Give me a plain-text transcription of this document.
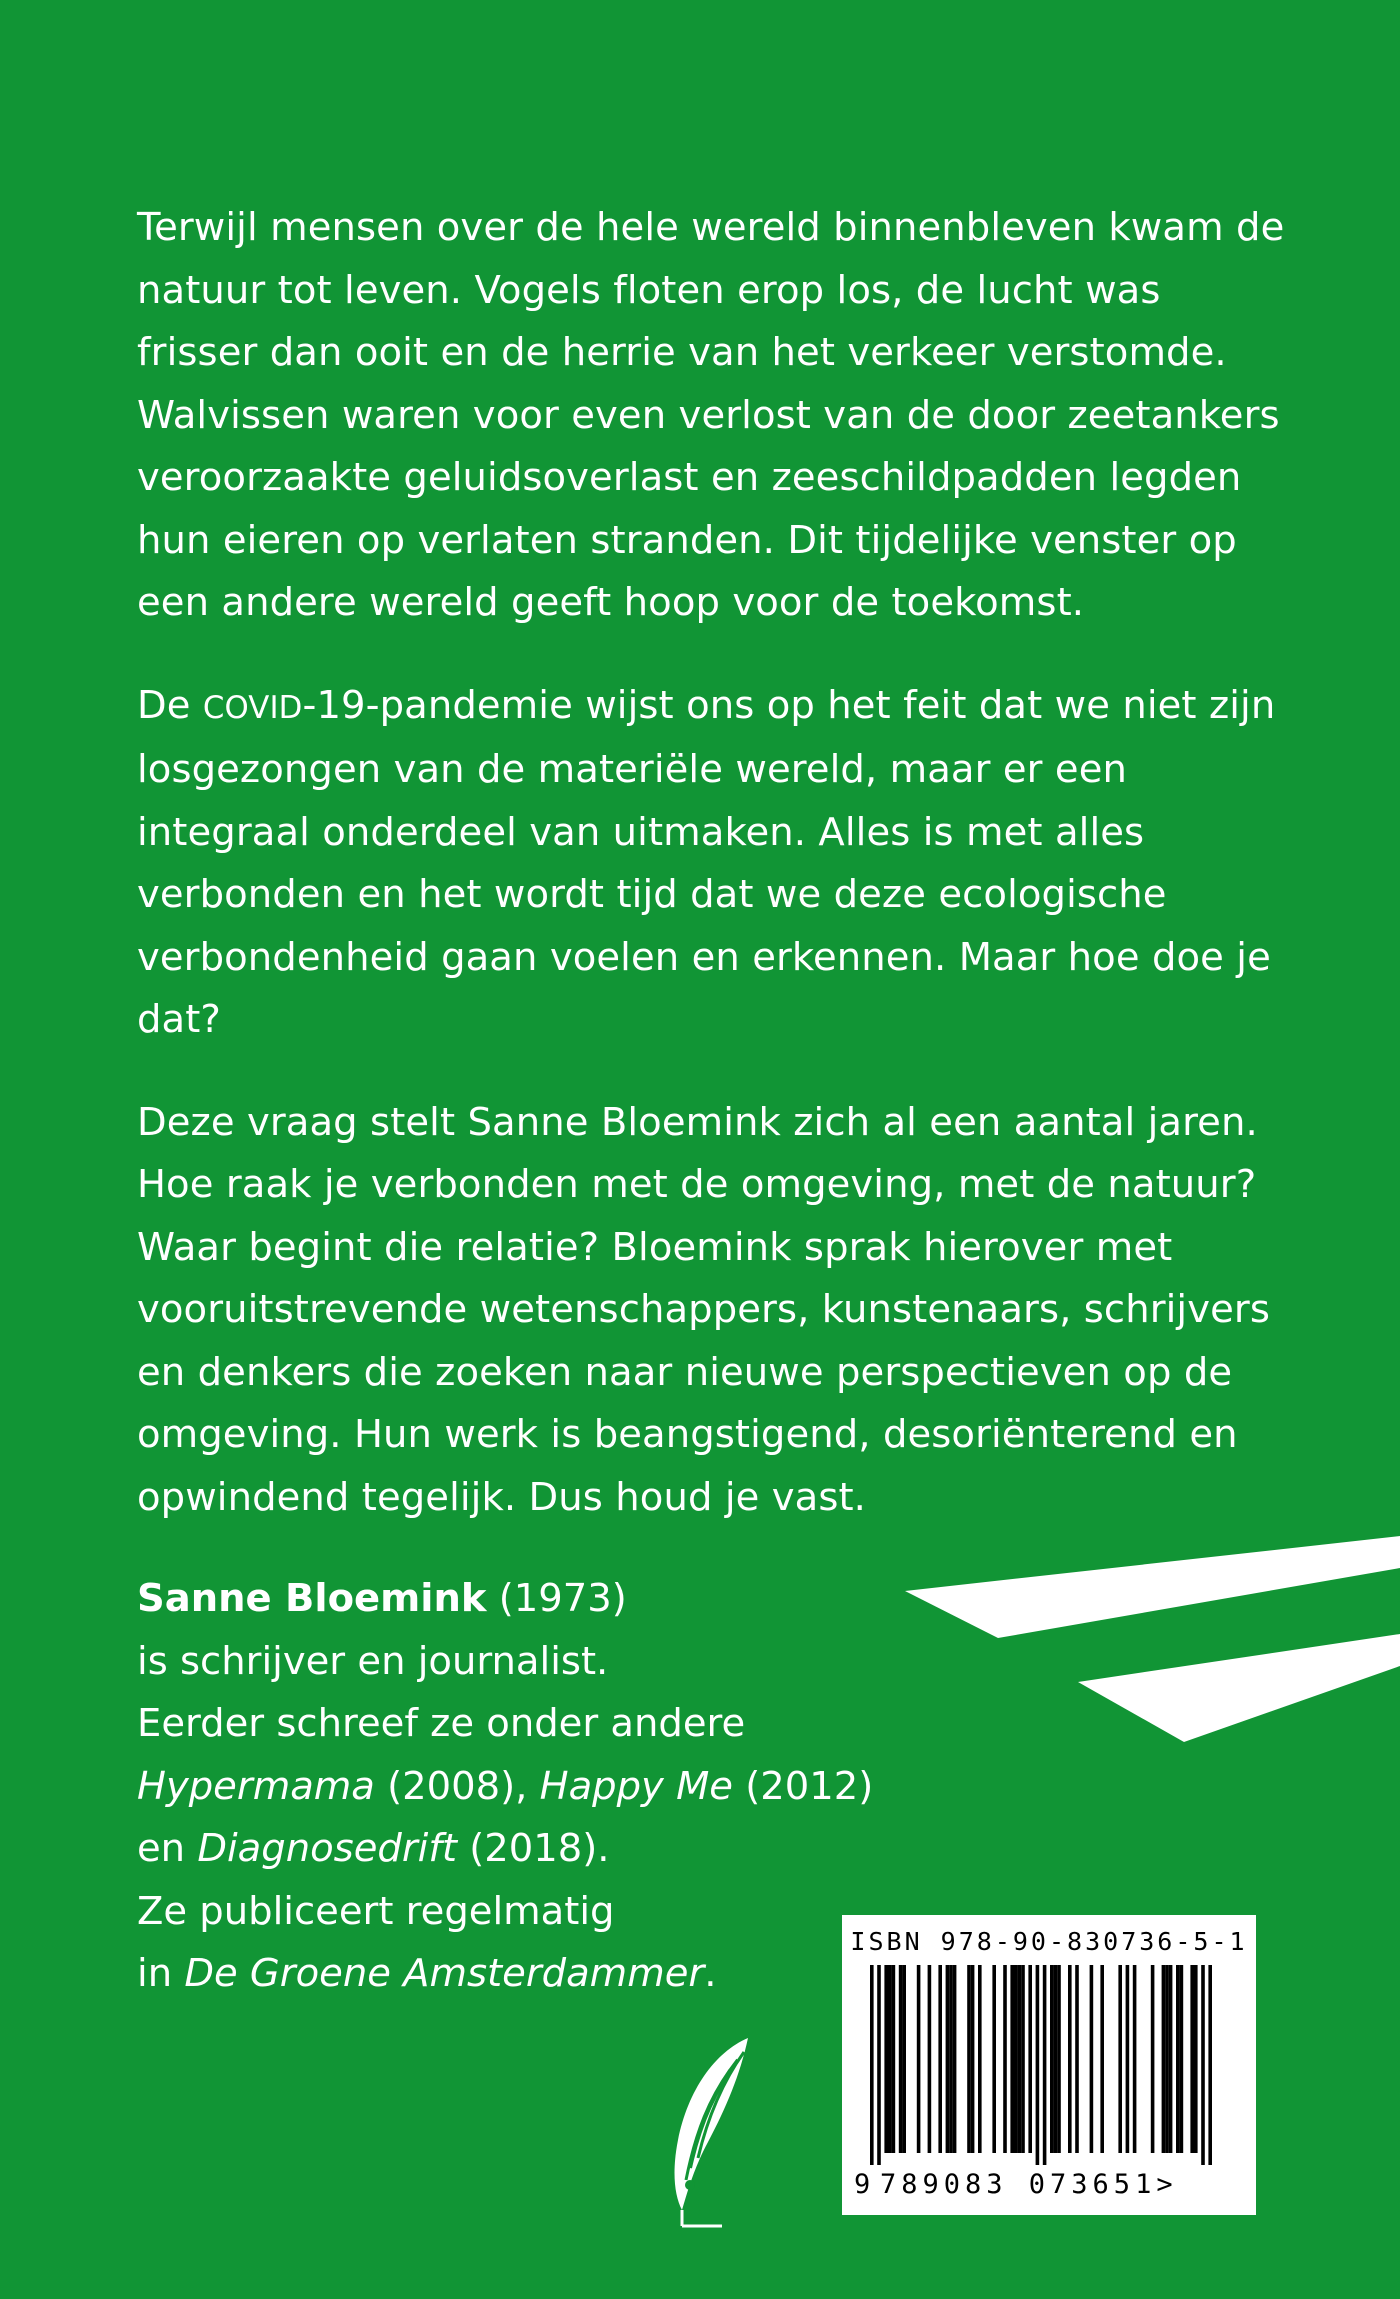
Terwijl mensen over de hele wereld binnenbleven kwam de natuur tot leven. Vogels floten erop los, de lucht was frisser dan ooit en de herrie van het verkeer verstomde. Walvissen waren voor even verlost van de door zeetankers veroorzaakte geluidsoverlast en zeeschildpadden legden hun eieren op verlaten stranden. Dit tijdelijke venster op een andere wereld geeft hoop voor de toekomst.

De COVID-19-pandemie wijst ons op het feit dat we niet zijn losgezongen van de materiële wereld, maar er een integraal onderdeel van uitmaken. Alles is met alles verbonden en het wordt tijd dat we deze ecologische verbondenheid gaan voelen en erkennen. Maar hoe doe je dat?

Deze vraag stelt Sanne Bloemink zich al een aantal jaren. Hoe raak je verbonden met de omgeving, met de natuur? Waar begint die relatie? Bloemink sprak hierover met vooruitstrevende wetenschappers, kunstenaars, schrijvers en denkers die zoeken naar nieuwe perspectieven op de omgeving. Hun werk is beangstigend, desoriënterend en opwindend tegelijk. Dus houd je vast.

Sanne Bloemink (1973)
is schrijver en journalist.
Eerder schreef ze onder andere
Hypermama (2008), Happy Me (2012)
en Diagnosedrift (2018).
Ze publiceert regelmatig
in De Groene Amsterdammer.
ISBN 978-90-830736-5-1
9 789083 073651>
